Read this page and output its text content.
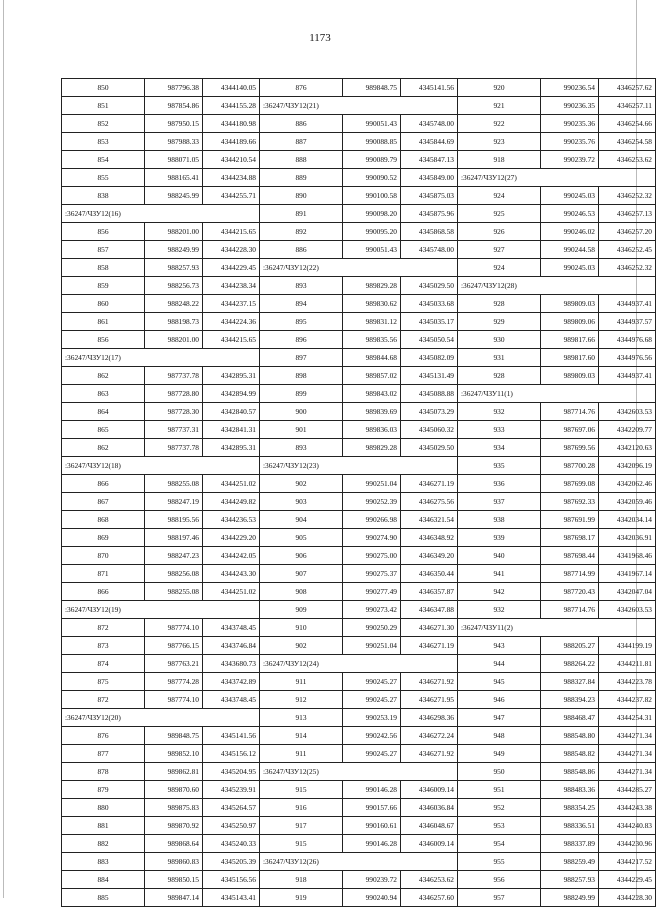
1173
850	987796.38	4344140.05	876	989848.75	4345141.56	920	990236.54	4346257.62
851	987854.86	4344155.28	:36247/ЧЗУ12(21)			921	990236.35	4346257.11
852	987950.15	4344180.98	886	990051.43	4345748.00	922	990235.36	4346254.66
853	987988.33	4344189.66	887	990088.85	4345844.69	923	990235.76	4346254.58
854	988071.05	4344210.54	888	990089.79	4345847.13	918	990239.72	4346253.62
855	988165.41	4344234.88	889	990090.52	4345849.00	:36247/ЧЗУ12(27)		
838	988245.99	4344255.71	890	990100.58	4345875.03	924	990245.03	4346252.32
:36247/ЧЗУ12(16)			891	990098.20	4345875.96	925	990246.53	4346257.13
856	988201.00	4344215.65	892	990095.20	4345868.58	926	990246.02	4346257.20
857	988249.99	4344228.30	886	990051.43	4345748.00	927	990244.58	4346252.45
858	988257.93	4344229.45	:36247/ЧЗУ12(22)			924	990245.03	4346252.32
859	988256.73	4344238.34	893	989829.28	4345029.50	:36247/ЧЗУ12(28)		
860	988248.22	4344237.15	894	989830.62	4345033.68	928	989809.03	4344937.41
861	988198.73	4344224.36	895	989831.12	4345035.17	929	989809.06	4344937.57
856	988201.00	4344215.65	896	989835.56	4345050.54	930	989817.66	4344976.68
:36247/ЧЗУ12(17)			897	989844.68	4345082.09	931	989817.60	4344976.56
862	987737.78	4342895.31	898	989857.02	4345131.49	928	989809.03	4344937.41
863	987728.80	4342894.99	899	989843.02	4345088.88	:36247/ЧЗУ11(1)		
864	987728.30	4342840.57	900	989839.69	4345073.29	932	987714.76	4342603.53
865	987737.31	4342841.31	901	989836.03	4345060.32	933	987697.06	4342209.77
862	987737.78	4342895.31	893	989829.28	4345029.50	934	987699.56	4342120.63
:36247/ЧЗУ12(18)			:36247/ЧЗУ12(23)			935	987700.28	4342096.19
866	988255.08	4344251.02	902	990251.04	4346271.19	936	987699.08	4342062.46
867	988247.19	4344249.82	903	990252.39	4346275.56	937	987692.33	4342059.46
868	988195.56	4344236.53	904	990266.98	4346321.54	938	987691.99	4342034.14
869	988197.46	4344229.20	905	990274.90	4346348.92	939	987698.17	4342036.91
870	988247.23	4344242.05	906	990275.00	4346349.20	940	987698.44	4341968.46
871	988256.08	4344243.30	907	990275.37	4346350.44	941	987714.99	4341967.14
866	988255.08	4344251.02	908	990277.49	4346357.87	942	987720.43	4342047.04
:36247/ЧЗУ12(19)			909	990273.42	4346347.88	932	987714.76	4342603.53
872	987774.10	4343748.45	910	990250.29	4346271.30	:36247/ЧЗУ11(2)		
873	987766.15	4343746.84	902	990251.04	4346271.19	943	988205.27	4344199.19
874	987763.21	4343680.73	:36247/ЧЗУ12(24)			944	988264.22	4344211.81
875	987774.28	4343742.89	911	990245.27	4346271.92	945	988327.84	4344223.78
872	987774.10	4343748.45	912	990245.27	4346271.95	946	988394.23	4344237.82
:36247/ЧЗУ12(20)			913	990253.19	4346298.36	947	988468.47	4344254.31
876	989848.75	4345141.56	914	990242.56	4346272.24	948	988548.80	4344271.34
877	989852.10	4345156.12	911	990245.27	4346271.92	949	988548.82	4344271.34
878	989862.81	4345204.95	:36247/ЧЗУ12(25)			950	988548.86	4344271.34
879	989870.60	4345239.91	915	990146.28	4346009.14	951	988483.36	4344285.27
880	989875.83	4345264.57	916	990157.66	4346036.84	952	988354.25	4344243.38
881	989870.92	4345250.97	917	990160.61	4346048.67	953	988336.51	4344240.83
882	989868.64	4345240.33	915	990146.28	4346009.14	954	988337.89	4344230.96
883	989860.83	4345205.39	:36247/ЧЗУ12(26)			955	988259.49	4344217.52
884	989850.15	4345156.56	918	990239.72	4346253.62	956	988257.93	4344229.45
885	989847.14	4345143.41	919	990240.94	4346257.60	957	988249.99	4344228.30
